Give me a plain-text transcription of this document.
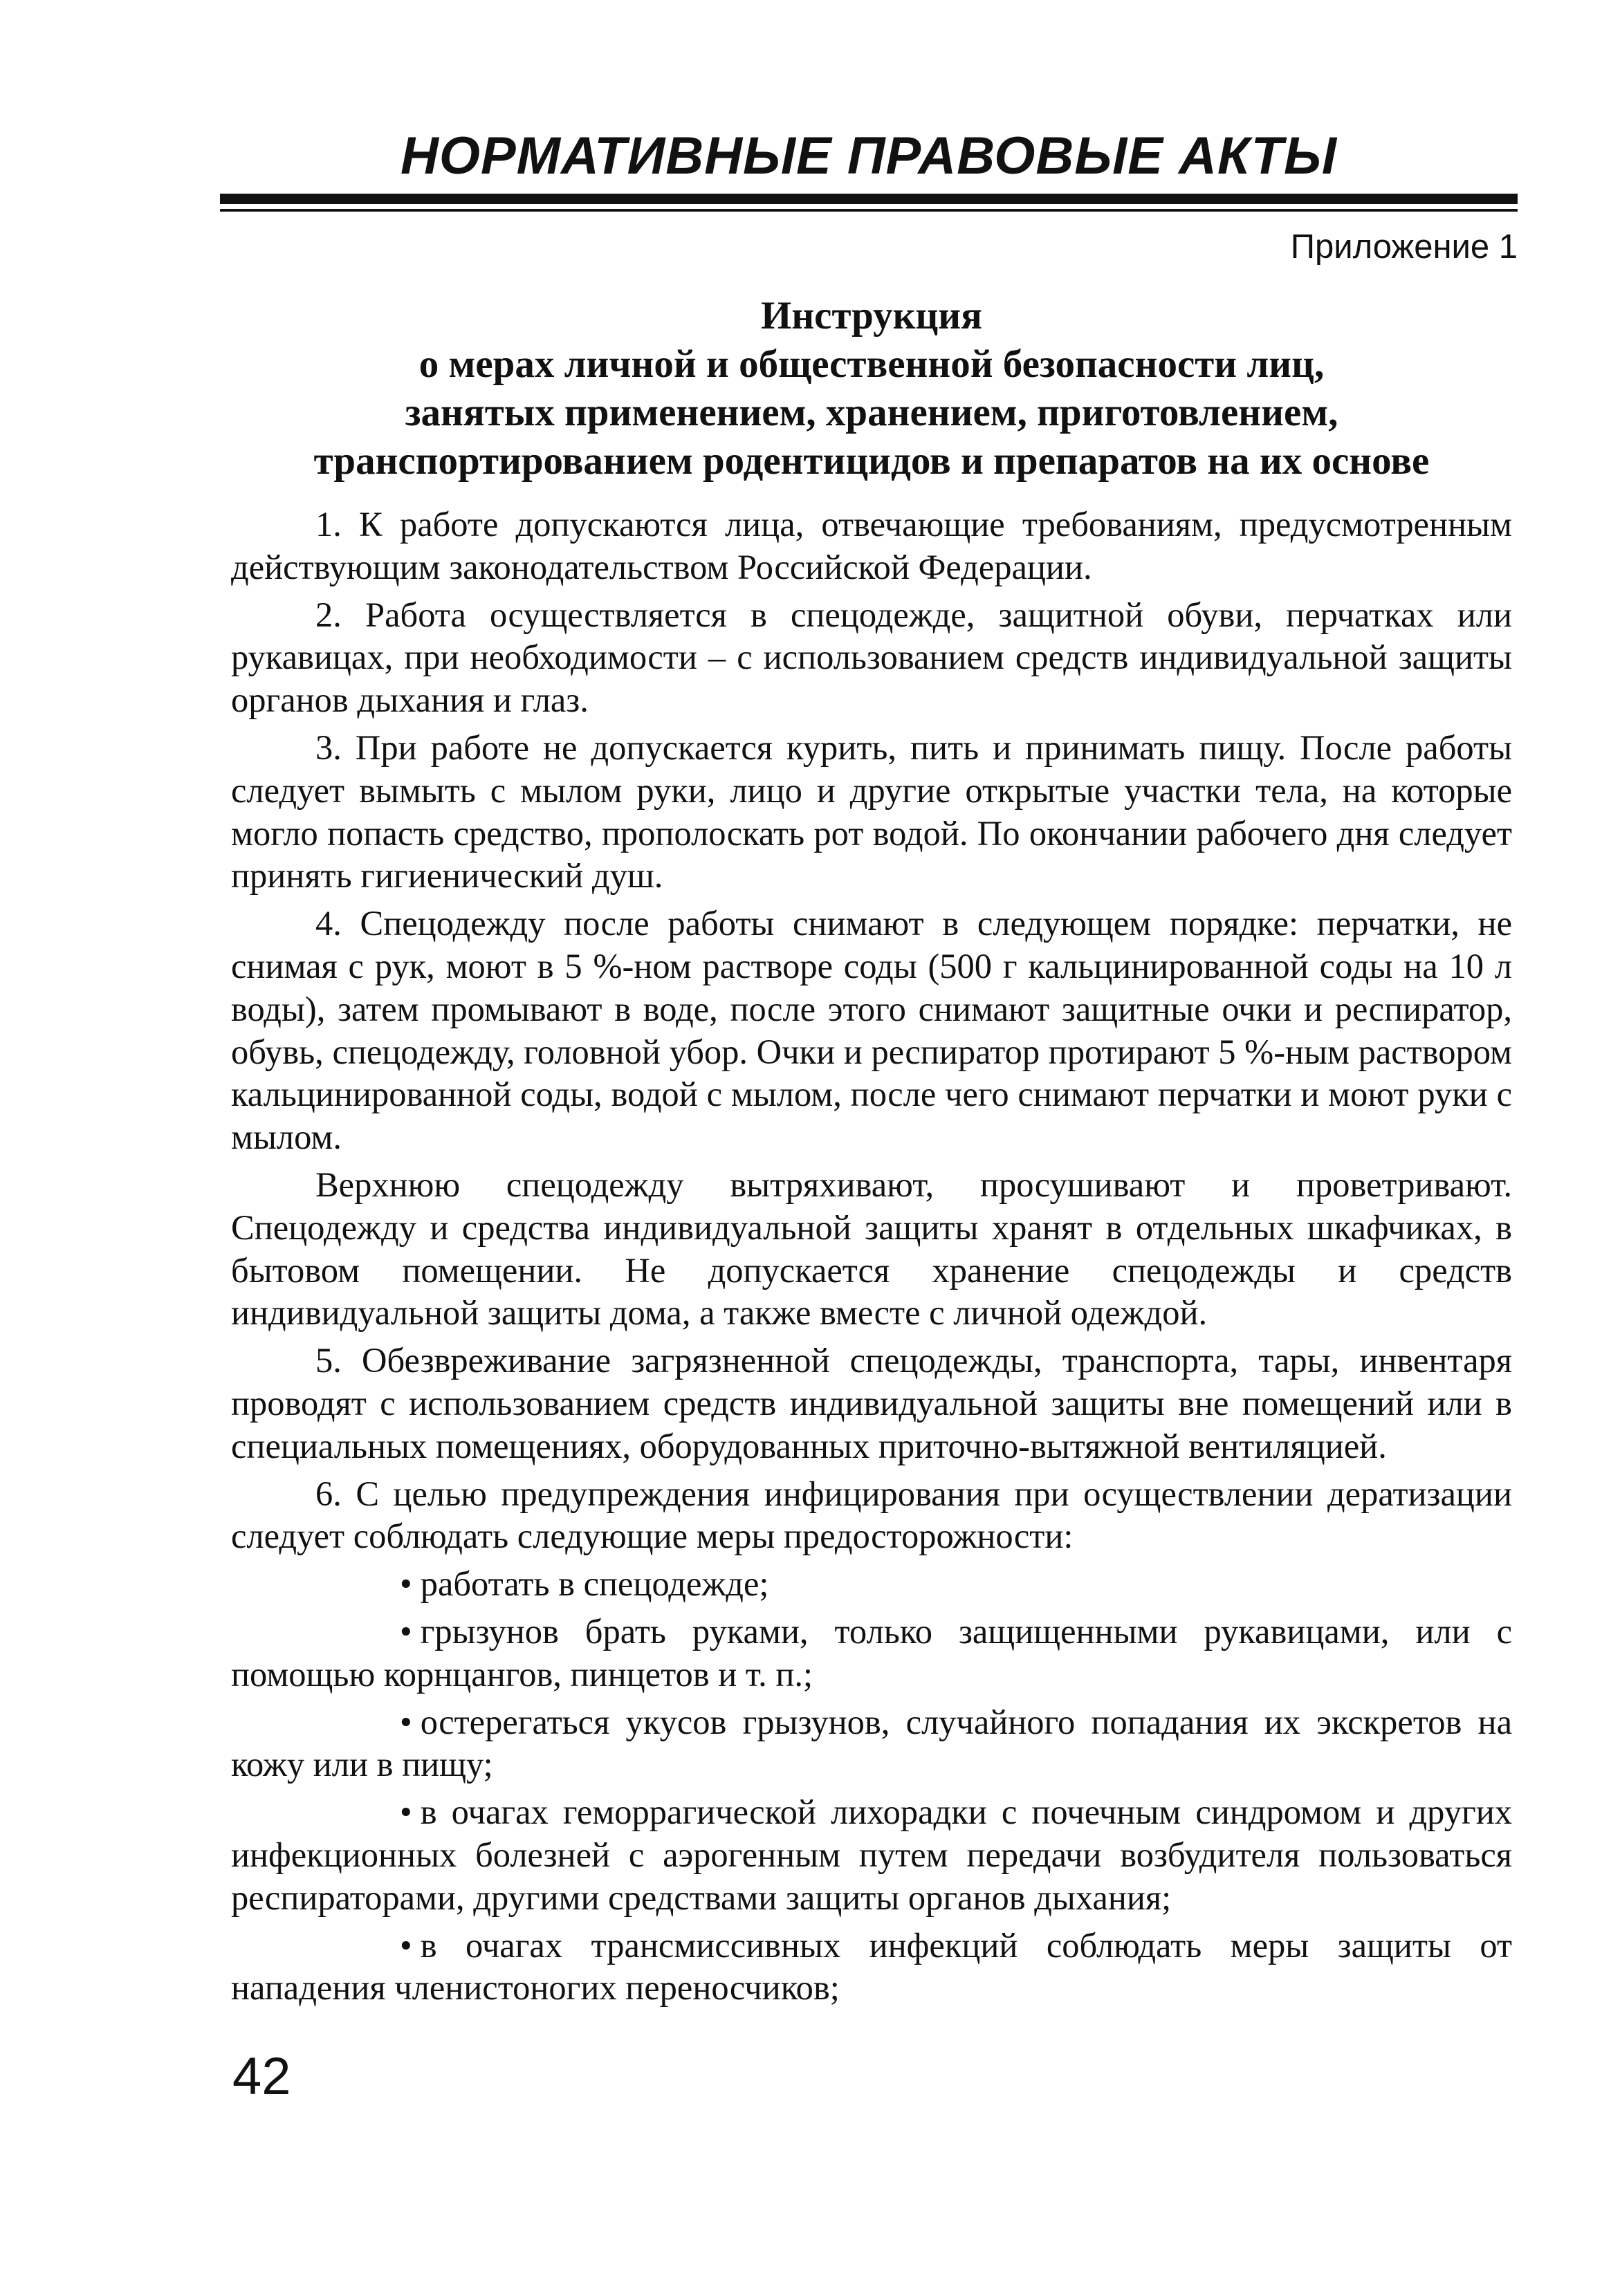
НОРМАТИВНЫЕ ПРАВОВЫЕ АКТЫ
Приложение 1
Инструкция
о мерах личной и общественной безопасности лиц,
занятых применением, хранением, приготовлением,
транспортированием родентицидов и препаратов на их основе

1. К работе допускаются лица, отвечающие требованиям, предусмотренным действующим законодательством Российской Федерации.

2. Работа осуществляется в спецодежде, защитной обуви, перчатках или рукавицах, при необходимости – с использованием средств индивидуальной защиты органов дыхания и глаз.

3. При работе не допускается курить, пить и принимать пищу. После работы следует вымыть с мылом руки, лицо и другие открытые участки тела, на которые могло попасть средство, прополоскать рот водой. По окончании рабочего дня следует принять гигиенический душ.

4. Спецодежду после работы снимают в следующем порядке: перчатки, не снимая с рук, моют в 5 %-ном растворе соды (500 г кальцинированной соды на 10 л воды), затем промывают в воде, после этого снимают защитные очки и респиратор, обувь, спецодежду, головной убор. Очки и респиратор протирают 5 %-ным раствором кальцинированной соды, водой с мылом, после чего снимают перчатки и моют руки с мылом.

Верхнюю спецодежду вытряхивают, просушивают и проветривают. Спецодежду и средства индивидуальной защиты хранят в отдельных шкафчиках, в бытовом помещении. Не допускается хранение спецодежды и средств индивидуальной защиты дома, а также вместе с личной одеждой.

5. Обезвреживание загрязненной спецодежды, транспорта, тары, инвентаря проводят с использованием средств индивидуальной защиты вне помещений или в специальных помещениях, оборудованных приточно-вытяжной вентиляцией.

6. С целью предупреждения инфицирования при осуществлении дератизации следует соблюдать следующие меры предосторожности:

• работать в спецодежде;

• грызунов брать руками, только защищенными рукавицами, или с помощью корнцангов, пинцетов и т. п.;

• остерегаться укусов грызунов, случайного попадания их экскретов на кожу или в пищу;

• в очагах геморрагической лихорадки с почечным синдромом и других инфекционных болезней с аэрогенным путем передачи возбудителя пользоваться респираторами, другими средствами защиты органов дыхания;

• в очагах трансмиссивных инфекций соблюдать меры защиты от нападения членистоногих переносчиков;

42
